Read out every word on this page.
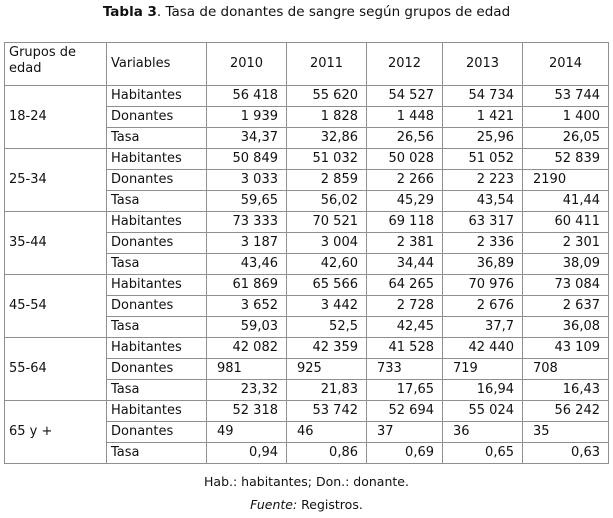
Tabla 3. Tasa de donantes de sangre según grupos de edad
Grupos de edad	Variables	2010	2011	2012	2013	2014
18-24	Habitantes	56 418	55 620	54 527	54 734	53 744
	Donantes	1 939	1 828	1 448	1 421	1 400
	Tasa	34,37	32,86	26,56	25,96	26,05
25-34	Habitantes	50 849	51 032	50 028	51 052	52 839
	Donantes	3 033	2 859	2 266	2 223	2190
	Tasa	59,65	56,02	45,29	43,54	41,44
35-44	Habitantes	73 333	70 521	69 118	63 317	60 411
	Donantes	3 187	3 004	2 381	2 336	2 301
	Tasa	43,46	42,60	34,44	36,89	38,09
45-54	Habitantes	61 869	65 566	64 265	70 976	73 084
	Donantes	3 652	3 442	2 728	2 676	2 637
	Tasa	59,03	52,5	42,45	37,7	36,08
55-64	Habitantes	42 082	42 359	41 528	42 440	43 109
	Donantes	981	925	733	719	708
	Tasa	23,32	21,83	17,65	16,94	16,43
65 y +	Habitantes	52 318	53 742	52 694	55 024	56 242
	Donantes	49	46	37	36	35
	Tasa	0,94	0,86	0,69	0,65	0,63
Hab.: habitantes; Don.: donante.
Fuente: Registros.
